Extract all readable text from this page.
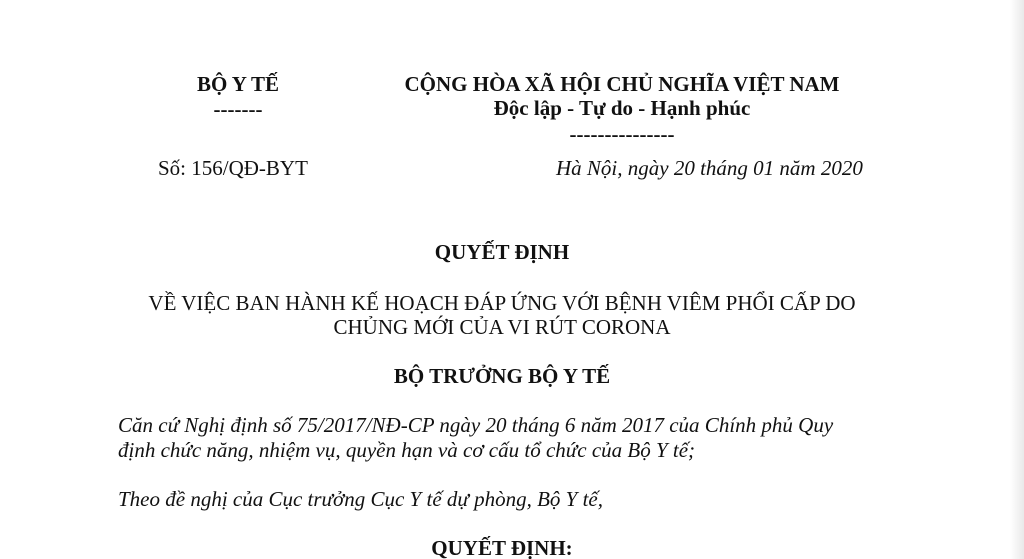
BỘ Y TẾ
-------
CỘNG HÒA XÃ HỘI CHỦ NGHĨA VIỆT NAM
Độc lập - Tự do - Hạnh phúc
---------------
Số: 156/QĐ-BYT	Hà Nội, ngày 20 tháng 01 năm 2020
QUYẾT ĐỊNH
VỀ VIỆC BAN HÀNH KẾ HOẠCH ĐÁP ỨNG VỚI BỆNH VIÊM PHỔI CẤP DO
CHỦNG MỚI CỦA VI RÚT CORONA
BỘ TRƯỞNG BỘ Y TẾ
Căn cứ Nghị định số 75/2017/NĐ-CP ngày 20 tháng 6 năm 2017 của Chính phủ Quy
định chức năng, nhiệm vụ, quyền hạn và cơ cấu tổ chức của Bộ Y tế;
Theo đề nghị của Cục trưởng Cục Y tế dự phòng, Bộ Y tế,
QUYẾT ĐỊNH:
